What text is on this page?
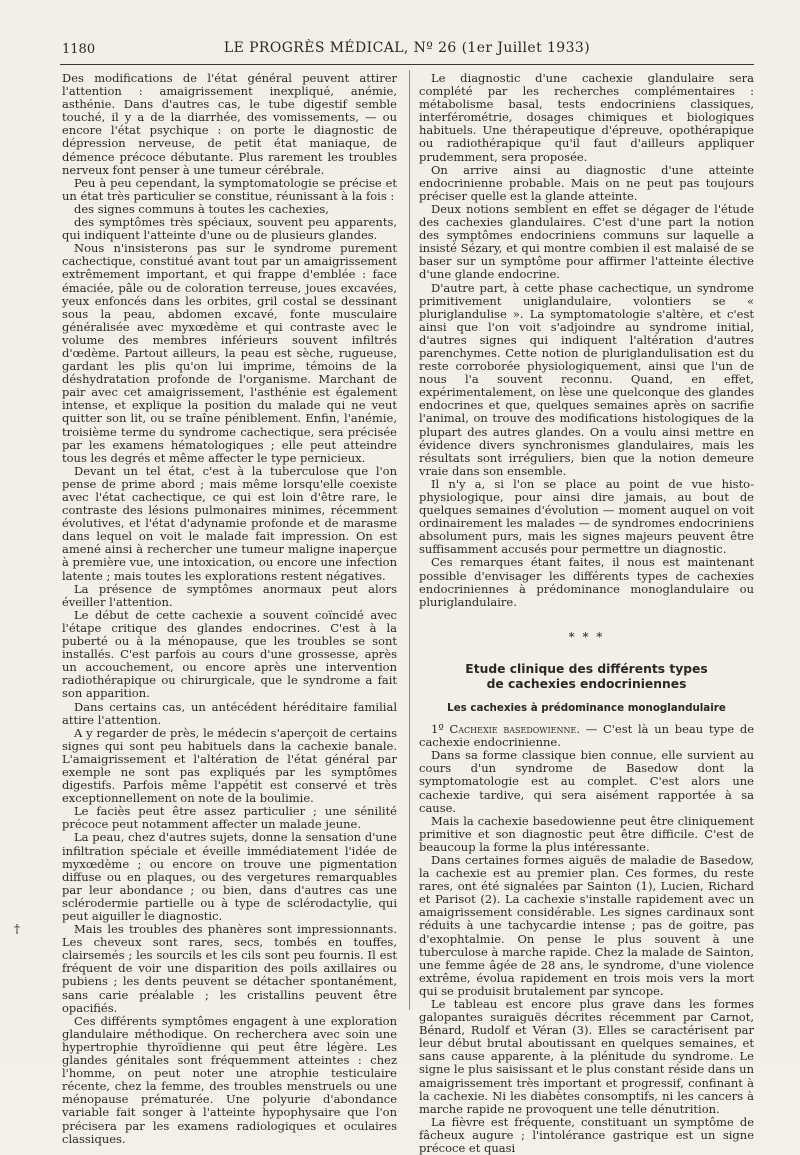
1180	LE PROGRÈS MÉDICAL, Nº 26 (1er Juillet 1933)
†

Des modifications de l'état général peuvent attirer l'attention : amaigrissement inexpliqué, anémie, asthénie. Dans d'autres cas, le tube digestif semble touché, il y a de la diarrhée, des vomissements, — ou encore l'état psychique : on porte le diagnostic de dépression nerveuse, de petit état maniaque, de démence précoce débutante. Plus rarement les troubles nerveux font penser à une tumeur cérébrale.

Peu à peu cependant, la symptomatologie se précise et un état très particulier se constitue, réunissant à la fois :

des signes communs à toutes les cachexies,

des symptômes très spéciaux, souvent peu apparents, qui indiquent l'atteinte d'une ou de plusieurs glandes.

Nous n'insisterons pas sur le syndrome purement cachectique, constitué avant tout par un amaigrissement extrêmement important, et qui frappe d'emblée : face émaciée, pâle ou de coloration terreuse, joues excavées, yeux enfoncés dans les orbites, gril costal se dessinant sous la peau, abdomen excavé, fonte musculaire généralisée avec myxœdème et qui contraste avec le volume des membres inférieurs souvent infiltrés d'œdème. Partout ailleurs, la peau est sèche, rugueuse, gardant les plis qu'on lui imprime, témoins de la déshydratation profonde de l'organisme. Marchant de pair avec cet amaigrissement, l'asthénie est également intense, et explique la position du malade qui ne veut quitter son lit, ou se traîne péniblement. Enfin, l'anémie, troisième terme du syndrome cachectique, sera précisée par les examens hématologiques ; elle peut atteindre tous les degrés et même affecter le type pernicieux.

Devant un tel état, c'est à la tuberculose que l'on pense de prime abord ; mais même lorsqu'elle coexiste avec l'état cachectique, ce qui est loin d'être rare, le contraste des lésions pulmonaires minimes, récemment évolutives, et l'état d'adynamie profonde et de marasme dans lequel on voit le malade fait impression. On est amené ainsi à rechercher une tumeur maligne inaperçue à première vue, une intoxication, ou encore une infection latente ; mais toutes les explorations restent négatives.

La présence de symptômes anormaux peut alors éveiller l'attention.

Le début de cette cachexie a souvent coïncidé avec l'étape critique des glandes endocrines. C'est à la puberté ou à la ménopause, que les troubles se sont installés. C'est parfois au cours d'une grossesse, après un accouchement, ou encore après une intervention radiothérapique ou chirurgicale, que le syndrome a fait son apparition.

Dans certains cas, un antécédent héréditaire familial attire l'attention.

A y regarder de près, le médecin s'aperçoit de certains signes qui sont peu habituels dans la cachexie banale. L'amaigrissement et l'altération de l'état général par exemple ne sont pas expliqués par les symptômes digestifs. Parfois même l'appétit est conservé et très exceptionnellement on note de la boulimie.

Le faciès peut être assez particulier ; une sénilité précoce peut notamment affecter un malade jeune.

La peau, chez d'autres sujets, donne la sensation d'une infiltration spéciale et éveille immédiatement l'idée de myxœdème ; ou encore on trouve une pigmentation diffuse ou en plaques, ou des vergetures remarquables par leur abondance ; ou bien, dans d'autres cas une sclérodermie partielle ou à type de sclérodactylie, qui peut aiguiller le diagnostic.

Mais les troubles des phanères sont impressionnants. Les cheveux sont rares, secs, tombés en touffes, clairsemés ; les sourcils et les cils sont peu fournis. Il est fréquent de voir une disparition des poils axillaires ou pubiens ; les dents peuvent se détacher spontanément, sans carie préalable ; les cristallins peuvent être opacifiés.

Ces différents symptômes engagent à une exploration glandulaire méthodique. On recherchera avec soin une hypertrophie thyroïdienne qui peut être légère. Les glandes génitales sont fréquemment atteintes : chez l'homme, on peut noter une atrophie testiculaire récente, chez la femme, des troubles menstruels ou une ménopause prématurée. Une polyurie d'abondance variable fait songer à l'atteinte hypophysaire que l'on précisera par les examens radiologiques et oculaires classiques.

Le diagnostic d'une cachexie glandulaire sera complété par les recherches complémentaires : métabolisme basal, tests endocriniens classiques, interférométrie, dosages chimiques et biologiques habituels. Une thérapeutique d'épreuve, opothérapique ou radiothérapique qu'il faut d'ailleurs appliquer prudemment, sera proposée.

On arrive ainsi au diagnostic d'une atteinte endocrinienne probable. Mais on ne peut pas toujours préciser quelle est la glande atteinte.

Deux notions semblent en effet se dégager de l'étude des cachexies glandulaires. C'est d'une part la notion des symptômes endocriniens communs sur laquelle a insisté Sézary, et qui montre combien il est malaisé de se baser sur un symptôme pour affirmer l'atteinte élective d'une glande endocrine.

D'autre part, à cette phase cachectique, un syndrome primitivement uniglandulaire, volontiers se « pluriglandulise ». La symptomatologie s'altère, et c'est ainsi que l'on voit s'adjoindre au syndrome initial, d'autres signes qui indiquent l'altération d'autres parenchymes. Cette notion de pluriglandulisation est du reste corroborée physiologiquement, ainsi que l'un de nous l'a souvent reconnu. Quand, en effet, expérimentalement, on lèse une quelconque des glandes endocrines et que, quelques semaines après on sacrifie l'animal, on trouve des modifications histologiques de la plupart des autres glandes. On a voulu ainsi mettre en évidence divers synchronismes glandulaires, mais les résultats sont irréguliers, bien que la notion demeure vraie dans son ensemble.

Il n'y a, si l'on se place au point de vue histo-physiologique, pour ainsi dire jamais, au bout de quelques semaines d'évolution — moment auquel on voit ordinairement les malades — de syndromes endocriniens absolument purs, mais les signes majeurs peuvent être suffisamment accusés pour permettre un diagnostic.

Ces remarques étant faites, il nous est maintenant possible d'envisager les différents types de cachexies endocriniennes à prédominance monoglandulaire ou pluriglandulaire.

* * *
Etude clinique des différents types
de cachexies endocriniennes
Les cachexies à prédominance monoglandulaire

1º Cachexie basedowienne. — C'est là un beau type de cachexie endocrinienne.

Dans sa forme classique bien connue, elle survient au cours d'un syndrome de Basedow dont la symptomatologie est au complet. C'est alors une cachexie tardive, qui sera aisément rapportée à sa cause.

Mais la cachexie basedowienne peut être cliniquement primitive et son diagnostic peut être difficile. C'est de beaucoup la forme la plus intéressante.

Dans certaines formes aiguës de maladie de Basedow, la cachexie est au premier plan. Ces formes, du reste rares, ont été signalées par Sainton (1), Lucien, Richard et Parisot (2). La cachexie s'installe rapidement avec un amaigrissement considérable. Les signes cardinaux sont réduits à une tachycardie intense ; pas de goitre, pas d'exophtalmie. On pense le plus souvent à une tuberculose à marche rapide. Chez la malade de Sainton, une femme âgée de 28 ans, le syndrome, d'une violence extrême, évolua rapidement en trois mois vers la mort qui se produisit brutalement par syncope.

Le tableau est encore plus grave dans les formes galopantes suraiguës décrites récemment par Carnot, Bénard, Rudolf et Véran (3). Elles se caractérisent par leur début brutal aboutissant en quelques semaines, et sans cause apparente, à la plénitude du syndrome. Le signe le plus saisissant et le plus constant réside dans un amaigrissement très important et progressif, confinant à la cachexie. Ni les diabètes consomptifs, ni les cancers à marche rapide ne provoquent une telle dénutrition.

La fièvre est fréquente, constituant un symptôme de fâcheux augure ; l'intolérance gastrique est un signe précoce et quasi
